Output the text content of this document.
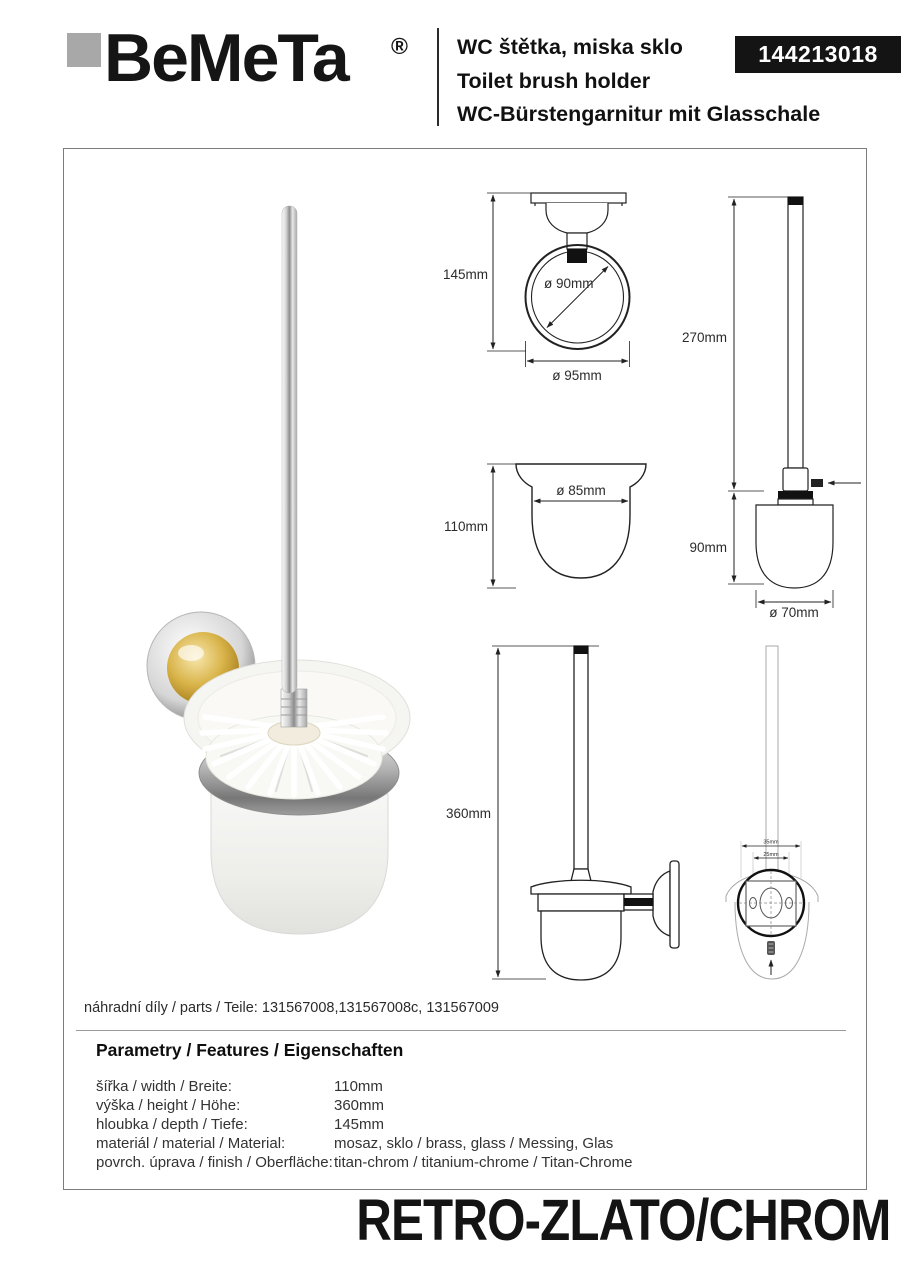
BeMeTa ® WC štětka, miska sklo
Toilet brush holder
WC-Bürstengarnitur mit Glasschale
144213018
145mm
ø 90mm
ø 95mm
110mm
ø 85mm
270mm
90mm
ø 70mm
360mm
35mm
25mm
náhradní díly / parts / Teile: 131567008,131567008c, 131567009
Parametry / Features / Eigenschaften
šířka / width / Breite:	110mm
výška / height / Höhe:	360mm
hloubka / depth / Tiefe:	145mm
materiál / material / Material:	mosaz, sklo / brass, glass / Messing, Glas
povrch. úprava / finish / Oberfläche: titan-chrom / titanium-chrome / Titan-Chrome
RETRO-ZLATO/CHROM
